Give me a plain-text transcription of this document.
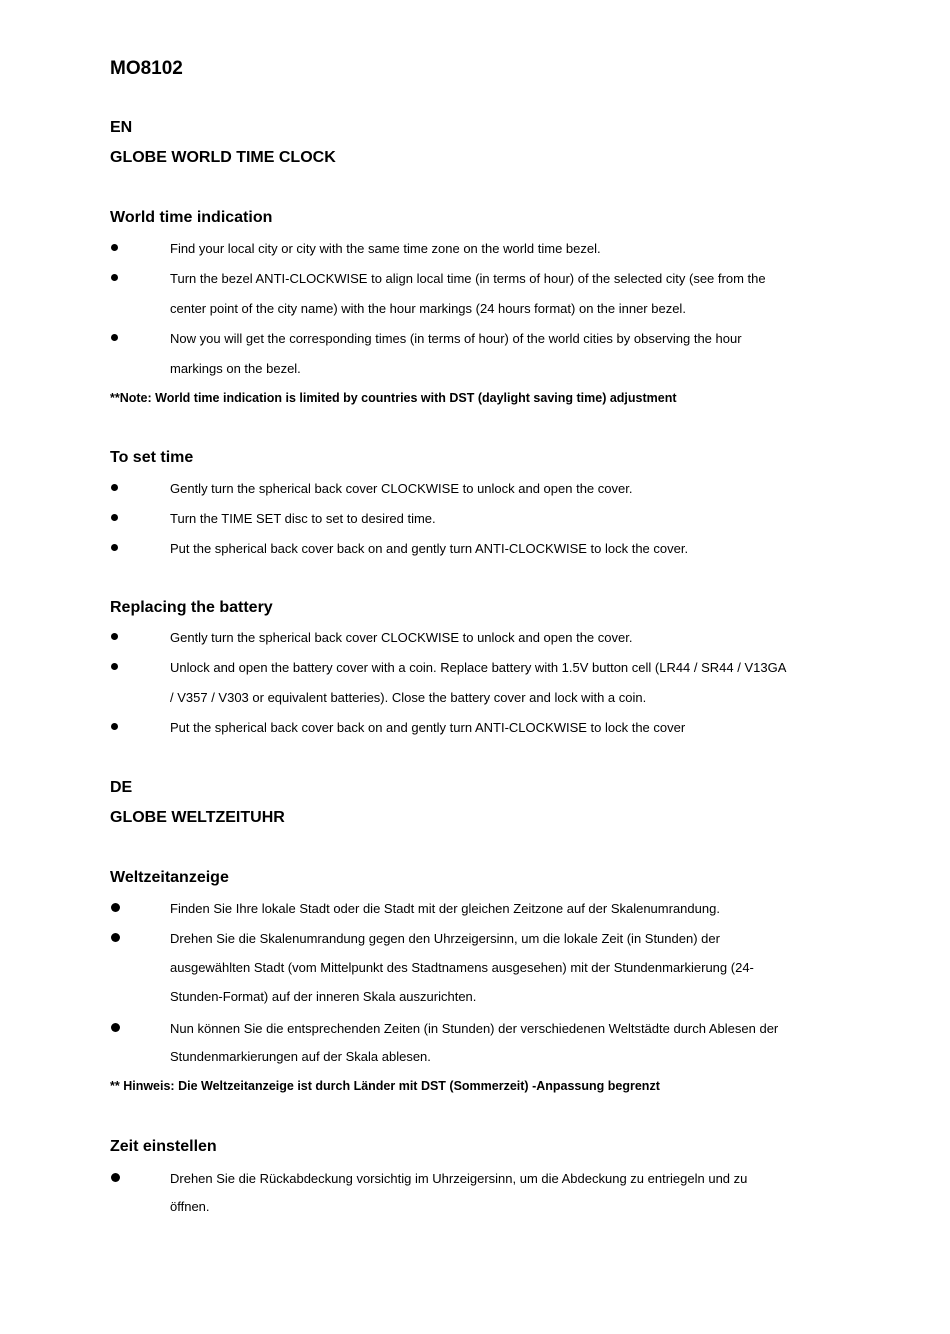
MO8102
EN
GLOBE WORLD TIME CLOCK
World time indication
Find your local city or city with the same time zone on the world time bezel.
Turn the bezel ANTI-CLOCKWISE to align local time (in terms of hour) of the selected city (see from the
center point of the city name) with the hour markings (24 hours format) on the inner bezel.
Now you will get the corresponding times (in terms of hour) of the world cities by observing the hour
markings on the bezel.
**Note: World time indication is limited by countries with DST (daylight saving time) adjustment
To set time
Gently turn the spherical back cover CLOCKWISE to unlock and open the cover.
Turn the TIME SET disc to set to desired time.
Put the spherical back cover back on and gently turn ANTI-CLOCKWISE to lock the cover.
Replacing the battery
Gently turn the spherical back cover CLOCKWISE to unlock and open the cover.
Unlock and open the battery cover with a coin. Replace battery with 1.5V button cell (LR44 / SR44 / V13GA
/ V357 / V303 or equivalent batteries). Close the battery cover and lock with a coin.
Put the spherical back cover back on and gently turn ANTI-CLOCKWISE to lock the cover
DE
GLOBE WELTZEITUHR
Weltzeitanzeige
Finden Sie Ihre lokale Stadt oder die Stadt mit der gleichen Zeitzone auf der Skalenumrandung.
Drehen Sie die Skalenumrandung gegen den Uhrzeigersinn, um die lokale Zeit (in Stunden) der
ausgewählten Stadt (vom Mittelpunkt des Stadtnamens ausgesehen) mit der Stundenmarkierung (24-
Stunden-Format) auf der inneren Skala auszurichten.
Nun können Sie die entsprechenden Zeiten (in Stunden) der verschiedenen Weltstädte durch Ablesen der
Stundenmarkierungen auf der Skala ablesen.
** Hinweis: Die Weltzeitanzeige ist durch Länder mit DST (Sommerzeit) -Anpassung begrenzt
Zeit einstellen
Drehen Sie die Rückabdeckung vorsichtig im Uhrzeigersinn, um die Abdeckung zu entriegeln und zu
öffnen.
